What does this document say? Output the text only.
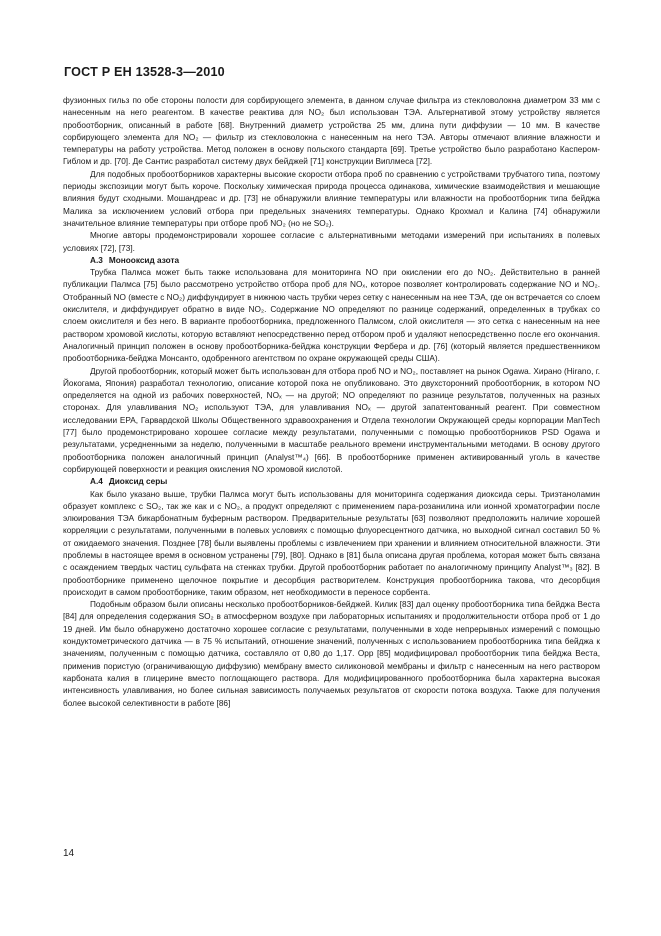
ГОСТ Р ЕН 13528-3—2010

фузионных гильз по обе стороны полости для сорбирующего элемента, в данном случае фильтра из стекловолокна диаметром 33 мм с нанесенным на него реагентом. В качестве реактива для NO₂ был использован ТЭА. Альтернативой этому устройству является пробоотборник, описанный в работе [68]. Внутренний диаметр устройства 25 мм, длина пути диффузии — 10 мм. В качестве сорбирующего элемента для NO₂ — фильтр из стекловолокна с нанесенным на него ТЭА. Авторы отмечают влияние влажности и температуры на работу устройства. Метод положен в основу польского стандарта [69]. Третье устройство было разработано Каспером-Гиблом и др. [70]. Де Сантис разработал систему двух бейджей [71] конструкции Виплмеса [72].

Для подобных пробоотборников характерны высокие скорости отбора проб по сравнению с устройствами трубчатого типа, поэтому периоды экспозиции могут быть короче. Поскольку химическая природа процесса одинакова, химические взаимодействия и мешающие влияния будут сходными. Мошандреас и др. [73] не обнаружили влияние температуры или влажности на пробоотборник типа бейджа Малика за исключением условий отбора при предельных значениях температуры. Однако Крохмал и Калина [74] обнаружили значительное влияние температуры при отборе проб NO₂ (но не SO₂).

Многие авторы продемонстрировали хорошее согласие с альтернативными методами измерений при испытаниях в полевых условиях [72], [73].

А.3 Монооксид азота

Трубка Палмса может быть также использована для мониторинга NO при окислении его до NO₂. Действительно в ранней публикации Палмса [75] было рассмотрено устройство отбора проб для NOₓ, которое позволяет контролировать содержание NO и NO₂. Отобранный NO (вместе с NO₂) диффундирует в нижнюю часть трубки через сетку с нанесенным на нее ТЭА, где он встречается со слоем окислителя, и диффундирует обратно в виде NO₂. Содержание NO определяют по разнице содержаний, определенных в трубках со слоем окислителя и без него. В варианте пробоотборника, предложенного Палмсом, слой окислителя — это сетка с нанесенным на нее раствором хромовой кислоты, которую вставляют непосредственно перед отбором проб и удаляют непосредственно после его окончания. Аналогичный принцип положен в основу пробоотборника-бейджа конструкции Фербера и др. [76] (который является предшественником пробоотборника-бейджа Монсанто, одобренного агентством по охране окружающей среды США).

Другой пробоотборник, который может быть использован для отбора проб NO и NO₂, поставляет на рынок Ogawa. Хирано (Hirano, г. Йокогама, Япония) разработал технологию, описание которой пока не опубликовано. Это двухсторонний пробоотборник, в котором NO определяется на одной из рабочих поверхностей, NOₓ — на другой; NO определяют по разнице результатов, полученных на разных сторонах. Для улавливания NO₂ используют ТЭА, для улавливания NOₓ — другой запатентованный реагент. При совместном исследовании EPA, Гарвардской Школы Общественного здравоохранения и Отдела технологии Окружающей среды корпорации ManTech [77] было продемонстрировано хорошее согласие между результатами, полученными с помощью пробоотборников PSD Ogawa и результатами, усредненными за неделю, полученными в масштабе реального времени инструментальными методами. В основу другого пробоотборника положен аналогичный принцип (Analyst™₄) [66]. В пробоотборнике применен активированный уголь в качестве сорбирующей поверхности и реакция окисления NO хромовой кислотой.

А.4 Диоксид серы

Как было указано выше, трубки Палмса могут быть использованы для мониторинга содержания диоксида серы. Триэтаноламин образует комплекс с SO₂, так же как и с NO₂, а продукт определяют с применением пара-розанилина или ионной хроматографии после элюирования ТЭА бикарбонатным буферным раствором. Предварительные результаты [63] позволяют предположить наличие хорошей корреляции с результатами, полученными в полевых условиях с помощью флуоресцентного датчика, но выходной сигнал составил 50 % от ожидаемого значения. Позднее [78] были выявлены проблемы с извлечением при хранении и влиянием относительной влажности. Эти проблемы в настоящее время в основном устранены [79], [80]. Однако в [81] была описана другая проблема, которая может быть связана с осаждением твердых частиц сульфата на стенках трубки. Другой пробоотборник работает по аналогичному принципу Analyst™₃ [82]. В пробоотборнике применено щелочное покрытие и десорбция растворителем. Конструкция пробоотборника такова, что десорбция происходит в самом пробоотборнике, таким образом, нет необходимости в переносе сорбента.

Подобным образом были описаны несколько пробоотборников-бейджей. Килик [83] дал оценку пробоотборника типа бейджа Веста [84] для определения содержания SO₂ в атмосферном воздухе при лабораторных испытаниях и продолжительности отбора проб от 1 до 19 дней. Им было обнаружено достаточно хорошее согласие с результатами, полученными в ходе непрерывных измерений с помощью кондуктометрического датчика — в 75 % испытаний, отношение значений, полученных с использованием пробоотборника типа бейджа к значениям, полученным с помощью датчика, составляло от 0,80 до 1,17. Орр [85] модифицировал пробоотборник типа бейджа Веста, применив пористую (ограничивающую диффузию) мембрану вместо силиконовой мембраны и фильтр с нанесенным на него раствором карбоната калия в глицерине вместо поглощающего раствора. Для модифицированного пробоотборника была характерна высокая интенсивность улавливания, но более сильная зависимость получаемых результатов от скорости потока воздуха. Также для получения более высокой селективности в работе [86]

14
